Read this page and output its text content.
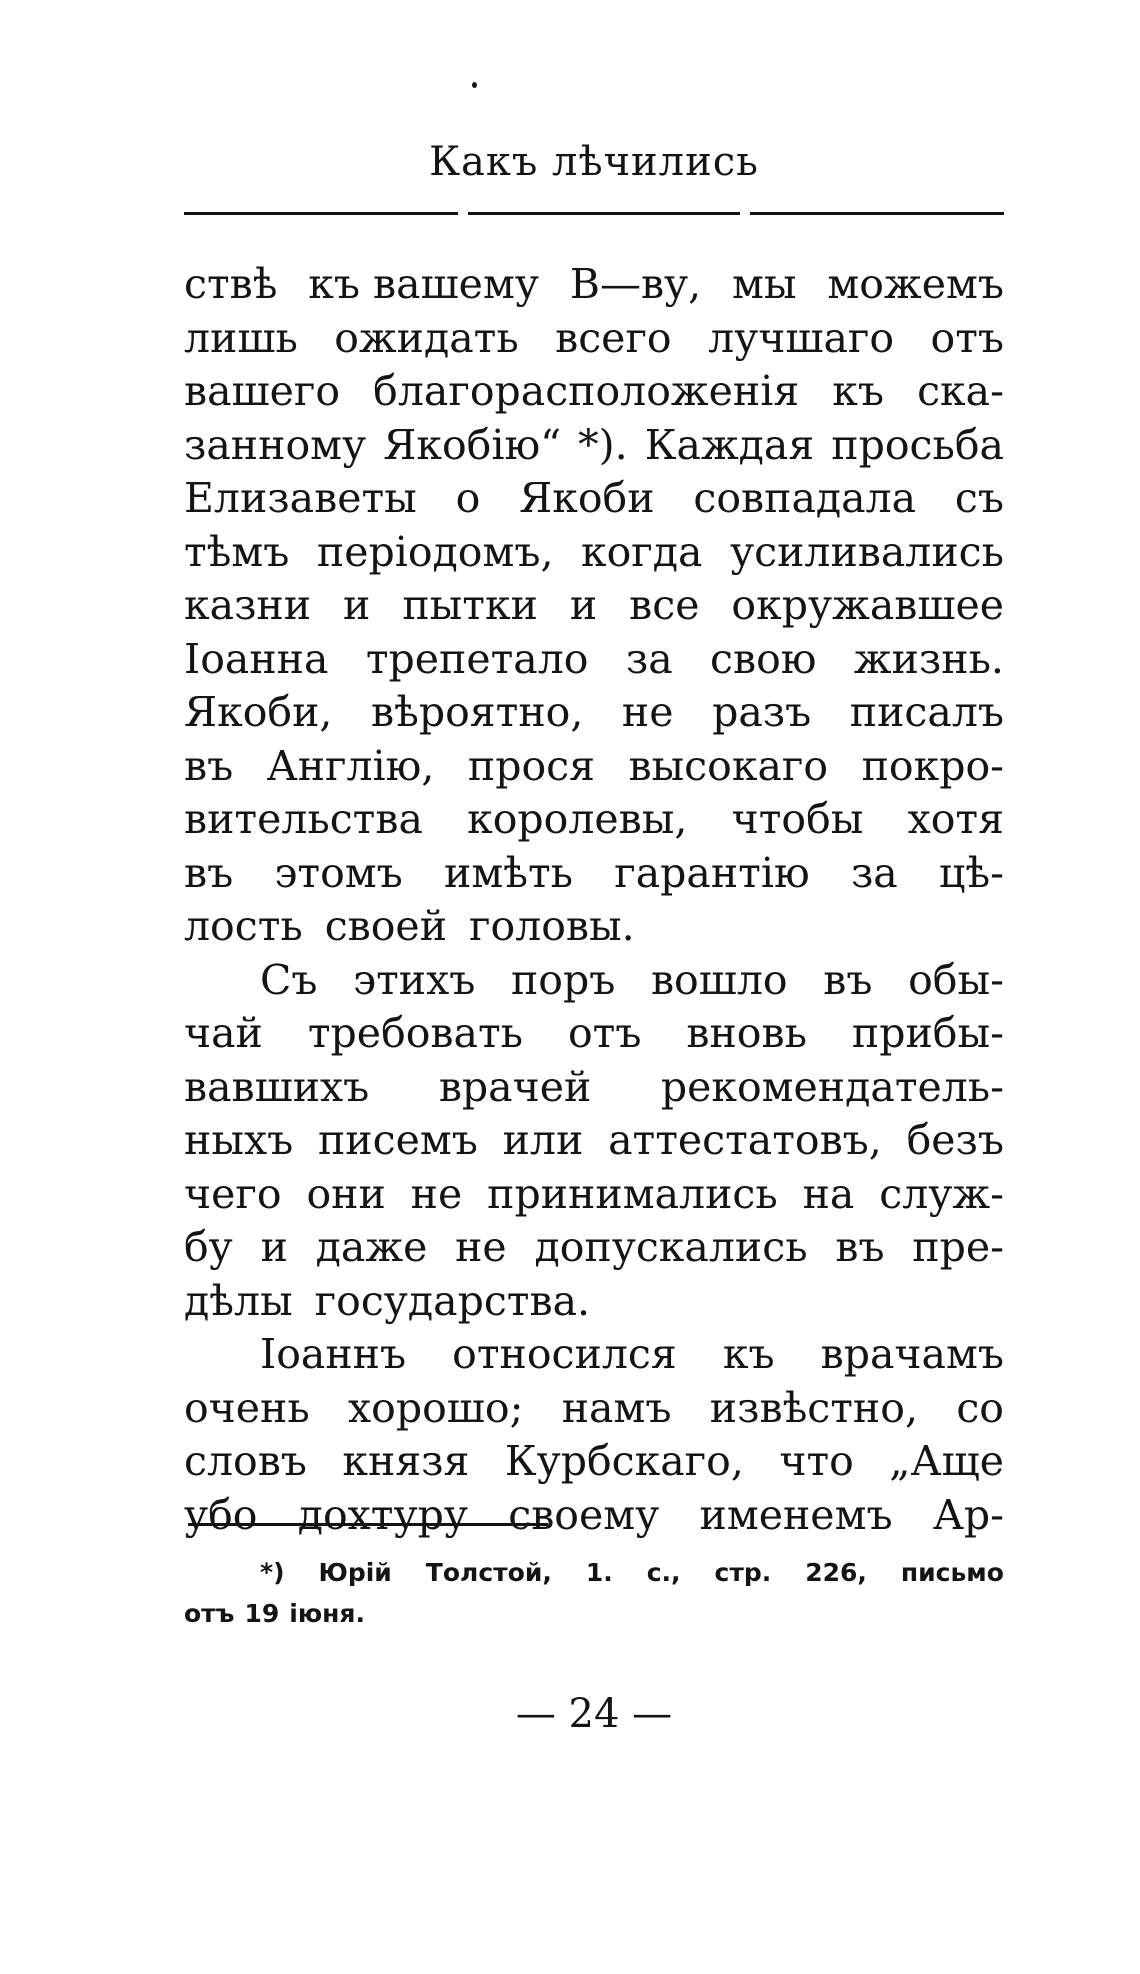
Какъ лѣчились
ствѣ къ вашему В—ву, мы можемъ
лишь ожидать всего лучшаго отъ
вашего благорасположенія къ ска-
занному Якобію“ *). Каждая просьба
Елизаветы о Якоби совпадала съ
тѣмъ періодомъ, когда усиливались
казни и пытки и все окружавшее
Іоанна трепетало за свою жизнь.
Якоби, вѣроятно, не разъ писалъ
въ Англію, прося высокаго покро-
вительства королевы, чтобы хотя
въ этомъ имѣть гарантію за цѣ-
лость своей головы.
Съ этихъ поръ вошло въ обы-
чай требовать отъ вновь прибы-
вавшихъ врачей рекомендатель-
ныхъ писемъ или аттестатовъ, безъ
чего они не принимались на служ-
бу и даже не допускались въ пре-
дѣлы государства.
Іоаннъ относился къ врачамъ
очень хорошо; намъ извѣстно, со
словъ князя Курбскаго, что „Аще
убо дохтуру своему именемъ Ар-
*) Юрій Толстой, 1. с., стр. 226, письмо
отъ 19 іюня.
— 24 —
